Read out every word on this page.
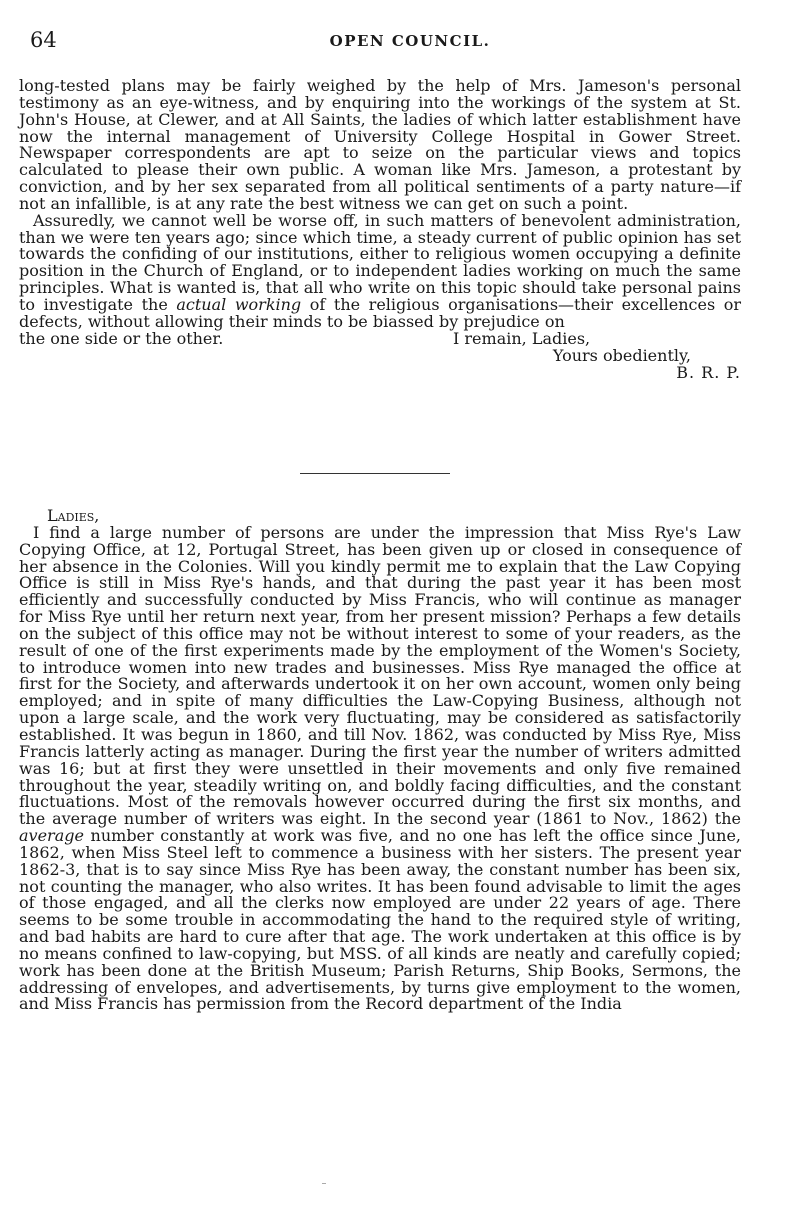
64	OPEN COUNCIL.

long-tested plans may be fairly weighed by the help of Mrs. Jameson's personal testimony as an eye-witness, and by enquiring into the workings of the system at St. John's House, at Clewer, and at All Saints, the ladies of which latter establishment have now the internal management of University College Hospital in Gower Street. Newspaper correspondents are apt to seize on the particular views and topics calculated to please their own public. A woman like Mrs. Jameson, a protestant by conviction, and by her sex separated from all political sentiments of a party nature—if not an infallible, is at any rate the best witness we can get on such a point.

Assuredly, we cannot well be worse off, in such matters of benevolent administration, than we were ten years ago; since which time, a steady current of public opinion has set towards the confiding of our institutions, either to religious women occupying a definite position in the Church of England, or to independent ladies working on much the same principles. What is wanted is, that all who write on this topic should take personal pains to investigate the actual working of the religious organisations—their excellences or defects, without allowing their minds to be biassed by prejudice on

the one side or the other.	I remain, Ladies,
Yours obediently,
B. R. P.

Ladies,

I find a large number of persons are under the impression that Miss Rye's Law Copying Office, at 12, Portugal Street, has been given up or closed in consequence of her absence in the Colonies. Will you kindly permit me to explain that the Law Copying Office is still in Miss Rye's hands, and that during the past year it has been most efficiently and successfully conducted by Miss Francis, who will continue as manager for Miss Rye until her return next year, from her present mission? Perhaps a few details on the subject of this office may not be without interest to some of your readers, as the result of one of the first experiments made by the employment of the Women's Society, to introduce women into new trades and businesses. Miss Rye managed the office at first for the Society, and afterwards undertook it on her own account, women only being employed; and in spite of many difficulties the Law-Copying Business, although not upon a large scale, and the work very fluctuating, may be considered as satisfactorily established. It was begun in 1860, and till Nov. 1862, was conducted by Miss Rye, Miss Francis latterly acting as manager. During the first year the number of writers admitted was 16; but at first they were unsettled in their movements and only five remained throughout the year, steadily writing on, and boldly facing difficulties, and the constant fluctuations. Most of the removals however occurred during the first six months, and the average number of writers was eight. In the second year (1861 to Nov., 1862) the average number constantly at work was five, and no one has left the office since June, 1862, when Miss Steel left to commence a business with her sisters. The present year 1862-3, that is to say since Miss Rye has been away, the constant number has been six, not counting the manager, who also writes. It has been found advisable to limit the ages of those engaged, and all the clerks now employed are under 22 years of age. There seems to be some trouble in accommodating the hand to the required style of writing, and bad habits are hard to cure after that age. The work undertaken at this office is by no means confined to law-copying, but MSS. of all kinds are neatly and carefully copied; work has been done at the British Museum; Parish Returns, Ship Books, Sermons, the addressing of envelopes, and advertisements, by turns give employment to the women, and Miss Francis has permission from the Record department of the India
